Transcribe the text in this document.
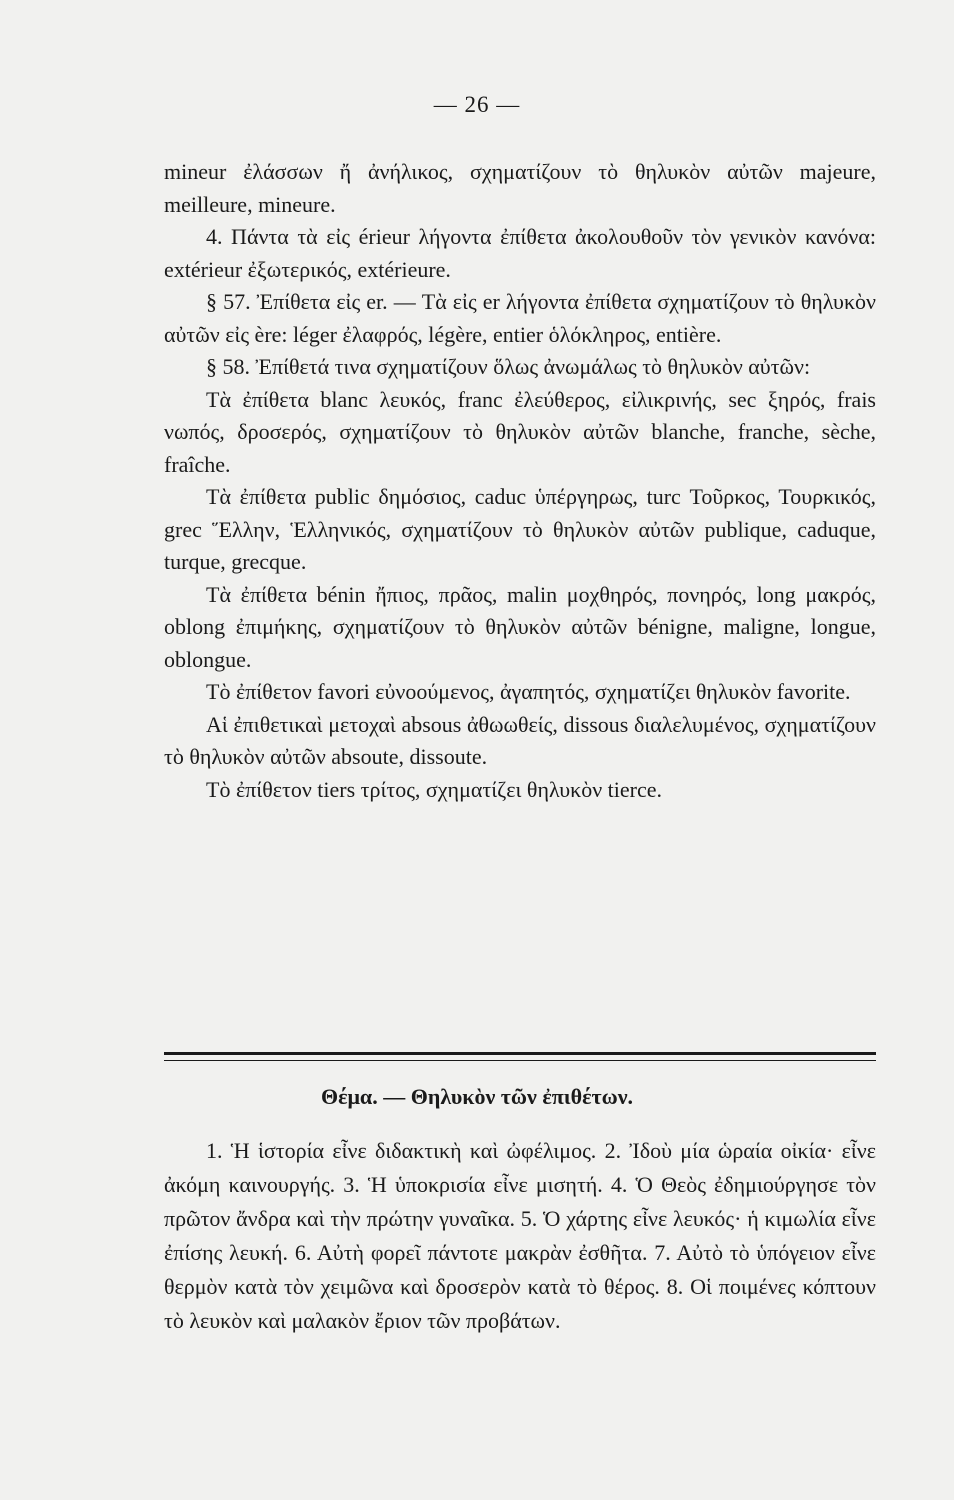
— 26 —

mineur ἐλάσσων ἤ ἀνήλικος, σχηματίζουν τὸ θηλυκὸν αὐτῶν majeure, meilleure, mineure.

4. Πάντα τὰ εἰς érieur λήγοντα ἐπίθετα ἀκολουθοῦν τὸν γενικὸν κανόνα: extérieur ἐξωτερικός, extérieure.

§ 57. Ἐπίθετα εἰς er. — Τὰ εἰς er λήγοντα ἐπίθετα σχηματίζουν τὸ θηλυκὸν αὐτῶν εἰς ère: léger ἐλαφρός, légère, entier ὁλόκληρος, entière.

§ 58. Ἐπίθετά τινα σχηματίζουν ὅλως ἀνωμάλως τὸ θηλυκὸν αὐτῶν:

Τὰ ἐπίθετα blanc λευκός, franc ἐλεύθερος, εἰλικρινής, sec ξηρός, frais νωπός, δροσερός, σχηματίζουν τὸ θηλυκὸν αὐτῶν blanche, franche, sèche, fraîche.

Τὰ ἐπίθετα public δημόσιος, caduc ὑπέργηρως, turc Τοῦρκος, Τουρκικός, grec Ἕλλην, Ἑλληνικός, σχηματίζουν τὸ θηλυκὸν αὐτῶν publique, caduque, turque, grecque.

Τὰ ἐπίθετα bénin ἤπιος, πρᾶος, malin μοχθηρός, πονηρός, long μακρός, oblong ἐπιμήκης, σχηματίζουν τὸ θηλυκὸν αὐτῶν bénigne, maligne, longue, oblongue.

Τὸ ἐπίθετον favori εὐνοούμενος, ἀγαπητός, σχηματίζει θηλυκὸν favorite.

Αἱ ἐπιθετικαὶ μετοχαὶ absous ἀθωωθείς, dissous διαλελυμένος, σχηματίζουν τὸ θηλυκὸν αὐτῶν absoute, dissoute.

Τὸ ἐπίθετον tiers τρίτος, σχηματίζει θηλυκὸν tierce.

Θέμα. — Θηλυκὸν τῶν ἐπιθέτων.

1. Ἡ ἱστορία εἶνε διδακτικὴ καὶ ὠφέλιμος. 2. Ἰδοὺ μία ὡραία οἰκία· εἶνε ἀκόμη καινουργής. 3. Ἡ ὑποκρισία εἶνε μισητή. 4. Ὁ Θεὸς ἐδημιούργησε τὸν πρῶτον ἄνδρα καὶ τὴν πρώτην γυναῖκα. 5. Ὁ χάρτης εἶνε λευκός· ἡ κιμωλία εἶνε ἐπίσης λευκή. 6. Αὐτὴ φορεῖ πάντοτε μακρὰν ἐσθῆτα. 7. Αὐτὸ τὸ ὑπόγειον εἶνε θερμὸν κατὰ τὸν χειμῶνα καὶ δροσερὸν κατὰ τὸ θέρος. 8. Οἱ ποιμένες κόπτουν τὸ λευκὸν καὶ μαλακὸν ἔριον τῶν προβάτων.
